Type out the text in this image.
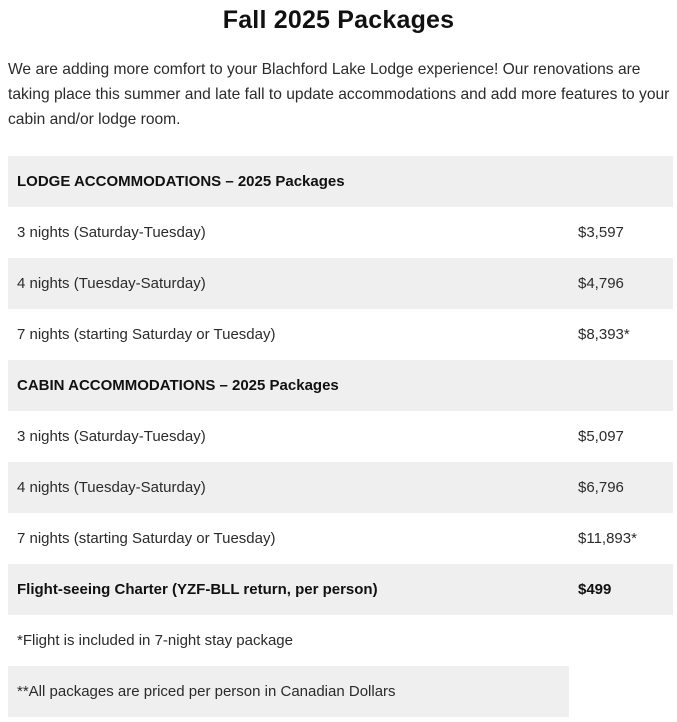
Fall 2025 Packages

We are adding more comfort to your Blachford Lake Lodge experience! Our renovations are taking place this summer and late fall to update accommodations and add more features to your cabin and/or lodge room.

LODGE ACCOMMODATIONS – 2025 Packages	
3 nights (Saturday-Tuesday)	$3,597
4 nights (Tuesday-Saturday)	$4,796
7 nights (starting Saturday or Tuesday)	$8,393*
CABIN ACCOMMODATIONS – 2025 Packages	
3 nights (Saturday-Tuesday)	$5,097
4 nights (Tuesday-Saturday)	$6,796
7 nights (starting Saturday or Tuesday)	$11,893*
Flight-seeing Charter (YZF-BLL return, per person)	$499
*Flight is included in 7-night stay package	
**All packages are priced per person in Canadian Dollars	
